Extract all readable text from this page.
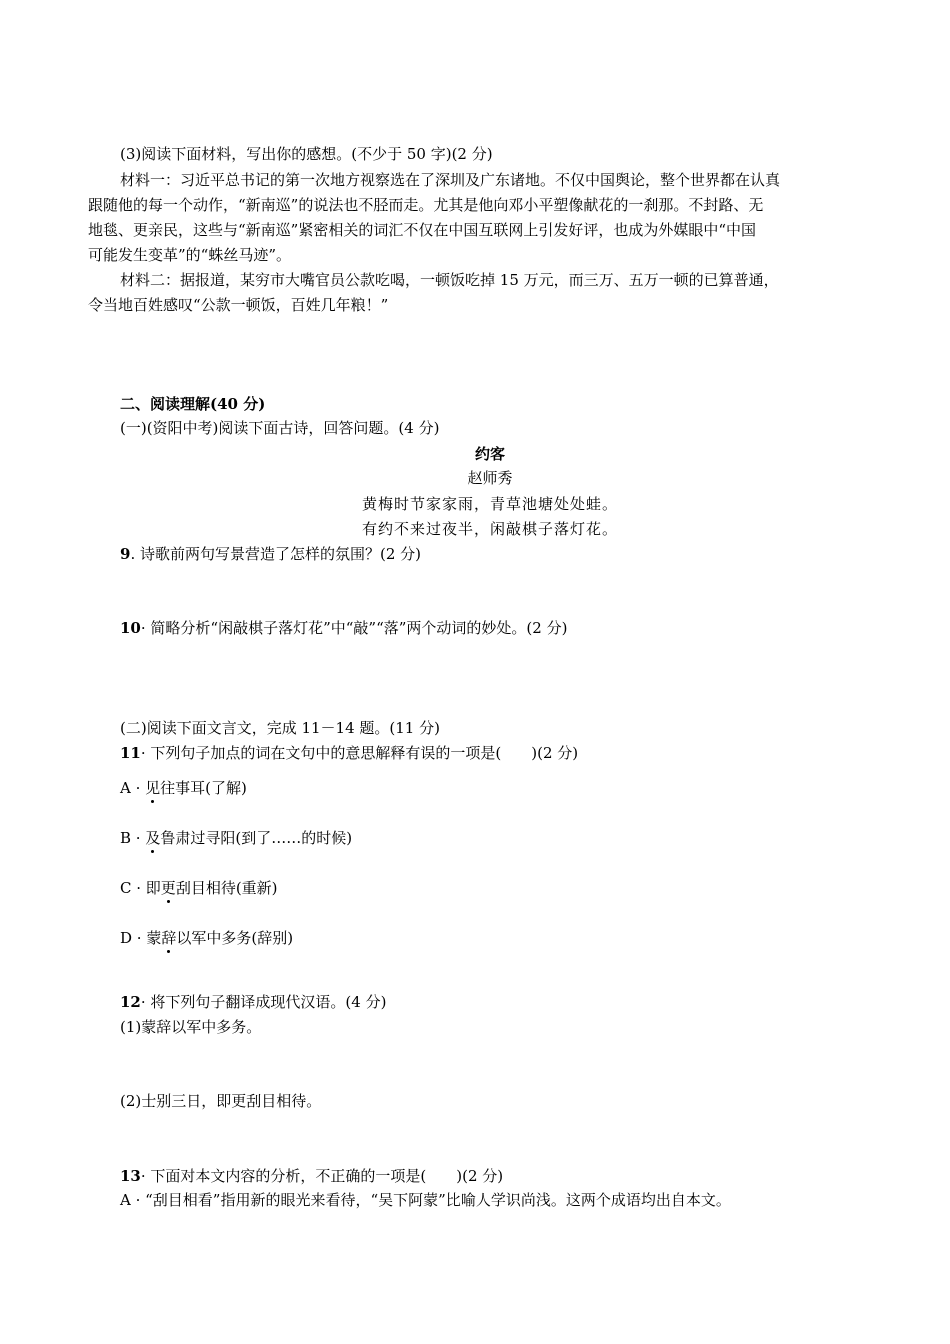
(3)阅读下面材料，写出你的感想。(不少于 50 字)(2 分)
材料一：习近平总书记的第一次地方视察选在了深圳及广东诸地。不仅中国舆论，整个世界都在认真
跟随他的每一个动作，“新南巡”的说法也不胫而走。尤其是他向邓小平塑像献花的一刹那。不封路、无
地毯、更亲民，这些与“新南巡”紧密相关的词汇不仅在中国互联网上引发好评，也成为外媒眼中“中国
可能发生变革”的“蛛丝马迹”。
材料二：据报道，某穷市大嘴官员公款吃喝，一顿饭吃掉 15 万元，而三万、五万一顿的已算普通，
令当地百姓感叹“公款一顿饭，百姓几年粮！”
二、阅读理解(40 分)
(一)(资阳中考)阅读下面古诗，回答问题。(4 分)
约客
赵师秀
黄梅时节家家雨，青草池塘处处蛙。
有约不来过夜半，闲敲棋子落灯花。
9. 诗歌前两句写景营造了怎样的氛围？(2 分)
10· 简略分析“闲敲棋子落灯花”中“敲”“落”两个动词的妙处。(2 分)
(二)阅读下面文言文，完成 11－14 题。(11 分)
11· 下列句子加点的词在文句中的意思解释有误的一项是(　　)(2 分)
A · 见往事耳(了解)
B · 及鲁肃过寻阳(到了……的时候)
C · 即更刮目相待(重新)
D · 蒙辞以军中多务(辞别)
12· 将下列句子翻译成现代汉语。(4 分)
(1)蒙辞以军中多务。
(2)士别三日，即更刮目相待。
13· 下面对本文内容的分析，不正确的一项是(　　)(2 分)
A · “刮目相看”指用新的眼光来看待，“吴下阿蒙”比喻人学识尚浅。这两个成语均出自本文。
